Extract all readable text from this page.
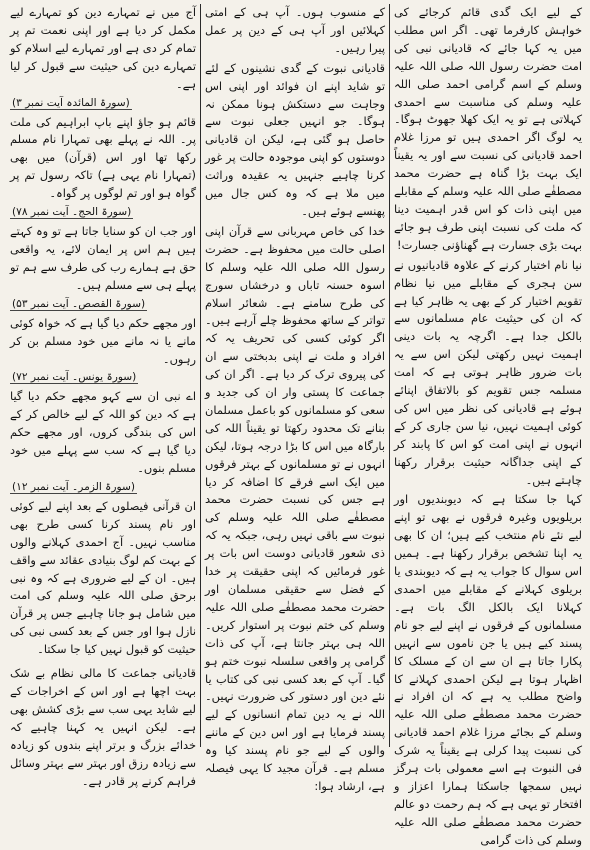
کے لیے ایک گدی قائم کرجائے کی خواہش کارفرما تھی۔ اگر اس مطلب میں یہ کہا جائے کہ قادیانی نبی کی امت حضرت رسول اللہ صلی اللہ علیہ وسلم کے اسم گرامی احمد صلی اللہ علیہ وسلم کی مناسبت سے احمدی کہلاتی ہے تو یہ ایک کھلا جھوٹ ہوگا۔ یہ لوگ اگر احمدی ہیں تو مرزا غلام احمد قادیانی کی نسبت سے اور یہ یقیناً ایک بہت بڑا گناہ ہے حضرت محمد مصطفٰے صلی اللہ علیہ وسلم کے مقابلے میں اپنی ذات کو اس قدر اہمیت دینا کہ ملت کی نسبت اپنی طرف ہو جائے بہت بڑی جسارت ہے گھناؤنی جسارت!

نیا نام اختیار کرنے کے علاوہ قادیانیوں نے سن ہجری کے مقابلے میں نیا نظام تقویم اختیار کر کے بھی یہ ظاہر کیا ہے کہ ان کی حیثیت عام مسلمانوں سے بالکل جدا ہے۔ اگرچہ یہ بات دینی اہمیت نہیں رکھتی لیکن اس سے یہ بات ضرور ظاہر ہوتی ہے کہ امت مسلمہ جس تقویم کو بالاتفاق اپنائے ہوئے ہے قادیانی کی نظر میں اس کی کوئی اہمیت نہیں، نیا سن جاری کر کے انہوں نے اپنی امت کو اس کا پابند کر کے اپنی جداگانہ حیثیت برقرار رکھنا چاہتے ہیں۔

کہا جا سکتا ہے کہ دیوبندیوں اور بریلویوں وغیرہ فرقوں نے بھی تو اپنے لیے نئے نام منتخب کیے ہیں؛ ان کا بھی یہ اپنا تشخص برقرار رکھنا ہے۔ ہمیں اس سوال کا جواب یہ ہے کہ دیوبندی یا بریلوی کہلانے کے مقابلے میں احمدی کہلانا ایک بالکل الگ بات ہے۔ مسلمانوں کے فرقوں نے اپنے لیے جو نام پسند کیے ہیں یا جن ناموں سے انہیں پکارا جاتا ہے ان سے ان کے مسلک کا اظہار ہوتا ہے لیکن احمدی کہلانے کا واضح مطلب یہ ہے کہ ان افراد نے حضرت محمد مصطفٰے صلی اللہ علیہ وسلم کے بجائے مرزا غلام احمد قادیانی کی نسبت پیدا کرلی ہے یقیناً یہ شرک فی النبوت ہے اسے معمولی بات ہرگز نہیں سمجھا جاسکتا ہمارا اعزاز و افتخار تو یہی ہے کہ ہم رحمت دو عالم حضرت محمد مصطفٰے صلی اللہ علیہ وسلم کی ذات گرامی

کے منسوب ہوں۔ آپ ہی کے امتی کہلائیں اور آپ ہی کے دین پر عمل پیرا رہیں۔

قادیانی نبوت کے گدی نشینوں کے لئے تو شاید اپنے ان فوائد اور اپنی اس وجاہت سے دستکش ہونا ممکن نہ ہوگا۔ جو انہیں جعلی نبوت سے حاصل ہو گئی ہے، لیکن ان قادیانی دوستوں کو اپنی موجودہ حالت پر غور کرنا چاہیے جنہیں یہ عقیدہ وراثت میں ملا ہے کہ وہ کس جال میں پھنسے ہوئے ہیں۔

خدا کی خاص مہربانی سے قرآن اپنی اصلی حالت میں محفوظ ہے۔ حضرت رسول اللہ صلی اللہ علیہ وسلم کا اسوہ حسنہ تاباں و درخشاں سورج کی طرح سامنے ہے۔ شعائر اسلام تواتر کے ساتھ محفوظ چلے آرہے ہیں۔ اگر کوئی کسی کی تحریف یہ کہ افراد و ملت نے اپنی بدبختی سے ان کی پیروی ترک کر دیا ہے۔ اگر ان کی جماعت کا پستی وار ان کی جدید و سعی کو مسلمانوں کو باعمل مسلمان بنانے تک محدود رکھتا تو یقیناً اللہ کی بارگاہ میں اس کا بڑا درجہ ہوتا، لیکن انہوں نے تو مسلمانوں کے بہتر فرقوں میں ایک اسے فرقے کا اضافہ کر دیا ہے جس کی نسبت حضرت محمد مصطفٰے صلی اللہ علیہ وسلم کی نبوت سے باقی نہیں رہی، جبکہ یہ کہ ذی شعور قادیانی دوست اس بات پر غور فرمائیں کہ اپنی حقیقت پر خدا کے فضل سے حقیقی مسلمان اور حضرت محمد مصطفٰے صلی اللہ علیہ وسلم کی ختم نبوت پر استوار کریں۔ اللہ ہی بہتر جانتا ہے، آپ کی ذات گرامی پر واقعی سلسلہ نبوت ختم ہو گیا۔ آپ کے بعد کسی نبی کی کتاب یا نئے دین اور دستور کی ضرورت نہیں۔ اللہ نے یہ دین تمام انسانوں کے لیے پسند فرمایا ہے اور اس دین کے ماننے والوں کے لیے جو نام پسند کیا وہ مسلم ہے۔ قرآن مجید کا یہی فیصلہ ہے، ارشاد ہوا:

آج میں نے تمہارے دین کو تمہارے لیے مکمل کر دیا ہے اور اپنی نعمت تم پر تمام کر دی ہے اور تمہارے لیے اسلام کو تمہارے دین کی حیثیت سے قبول کر لیا ہے۔

(سورۃ المائدہ آیت نمبر ۳)

قائم ہو جاؤ اپنے باپ ابراہیم کی ملت پر۔ اللہ نے پہلے بھی تمہارا نام مسلم رکھا تھا اور اس (قرآن) میں بھی (تمہارا نام یہی ہے) تاکہ رسول تم پر گواہ ہو اور تم لوگوں پر گواہ۔

(سورۃ الحج۔ آیت نمبر ۷۸)

اور جب ان کو سنایا جاتا ہے تو وہ کہتے ہیں ہم اس پر ایمان لائے، یہ واقعی حق ہے ہمارے رب کی طرف سے ہم تو پہلے ہی سے مسلم ہیں۔

(سورۃ القصص۔ آیت نمبر ۵۳)

اور مجھے حکم دیا گیا ہے کہ خواہ کوئی مانے یا نہ مانے میں خود مسلم بن کر رہوں۔

(سورۃ یونس۔ آیت نمبر ۷۲)

اے نبی ان سے کہو مجھے حکم دیا گیا ہے کہ دین کو اللہ کے لیے خالص کر کے اس کی بندگی کروں، اور مجھے حکم دیا گیا ہے کہ سب سے پہلے میں خود مسلم بنوں۔

(سورۃ الزمر۔ آیت نمبر ۱۲)

ان قرآنی فیصلوں کے بعد اپنے لیے کوئی اور نام پسند کرنا کسی طرح بھی مناسب نہیں۔ آج احمدی کہلانے والوں کے بہت کم لوگ بنیادی عقائد سے واقف ہیں۔ ان کے لیے ضروری ہے کہ وہ نبی برحق صلی اللہ علیہ وسلم کی امت میں شامل ہو جانا چاہیے جس پر قرآن نازل ہوا اور جس کے بعد کسی نبی کی حیثیت کو قبول نہیں کیا جا سکتا۔

قادیانی جماعت کا مالی نظام بے شک بہت اچھا ہے اور اس کے اخراجات کے لیے شاید یہی سب سے بڑی کشش بھی ہے۔ لیکن انہیں یہ کہنا چاہیے کہ خدائے بزرگ و برتر اپنے بندوں کو زیادہ سے زیادہ رزق اور بہتر سے بہتر وسائل فراہم کرنے پر قادر ہے۔
